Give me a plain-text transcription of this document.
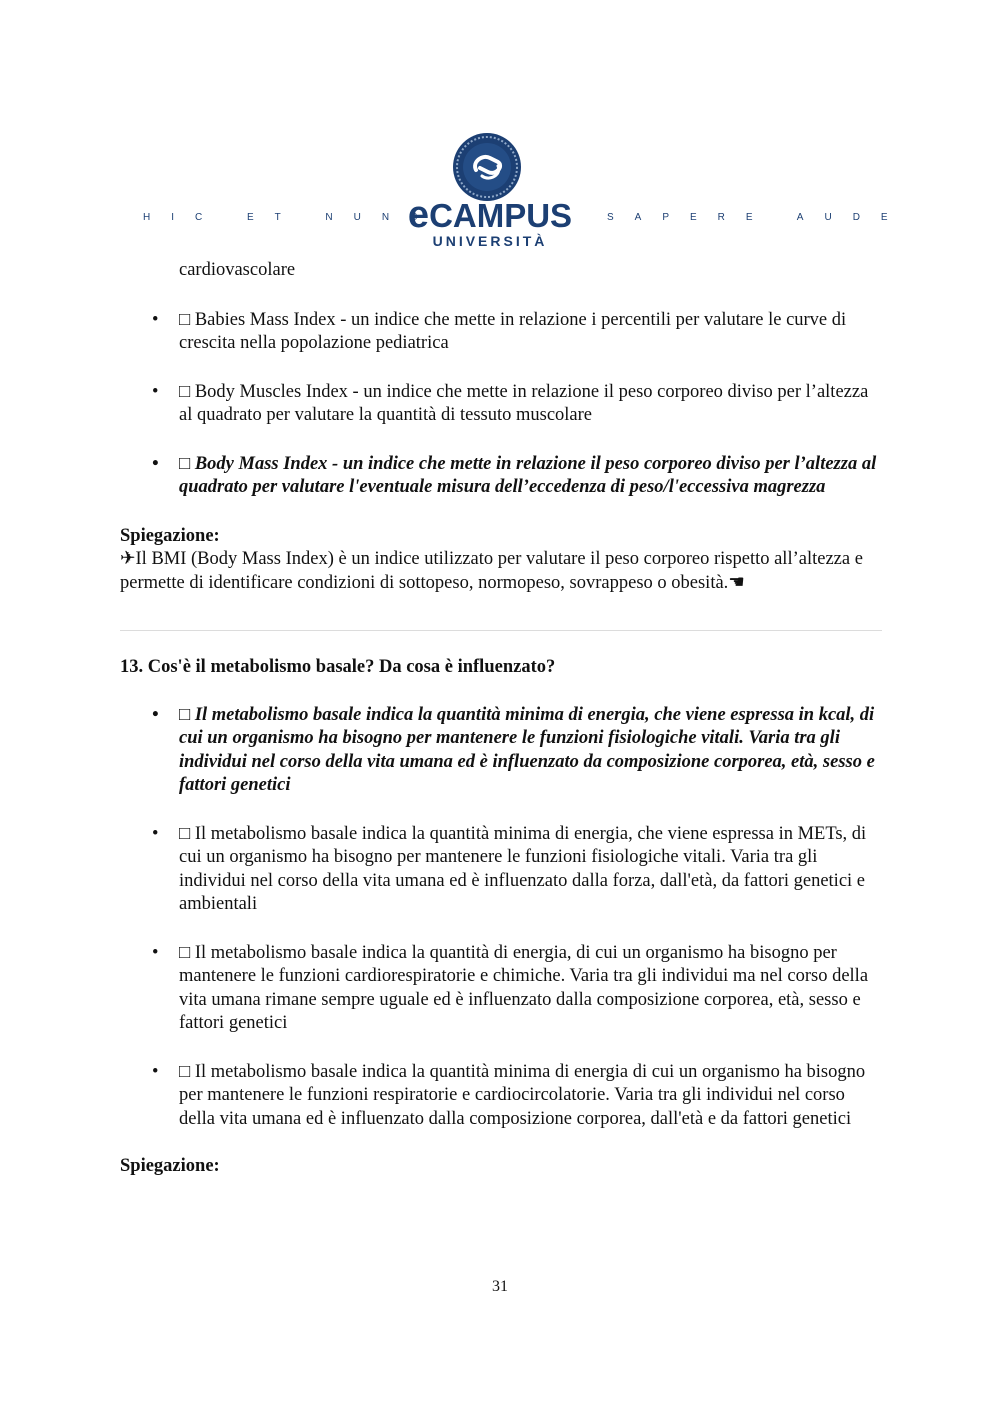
HIC ET NUNC
eCAMPUS
UNIVERSITÀ
SAPERE AUDE

cardiovascolare

• □ Babies Mass Index - un indice che mette in relazione i percentili per valutare le curve di crescita nella popolazione pediatrica
• □ Body Muscles Index - un indice che mette in relazione il peso corporeo diviso per l’altezza al quadrato per valutare la quantità di tessuto muscolare
• □ Body Mass Index - un indice che mette in relazione il peso corporeo diviso per l’altezza al quadrato per valutare l'eventuale misura dell’eccedenza di peso/l'eccessiva magrezza
Spiegazione:

✈Il BMI (Body Mass Index) è un indice utilizzato per valutare il peso corporeo rispetto all’altezza e permette di identificare condizioni di sottopeso, normopeso, sovrappeso o obesità.☚

13. Cos'è il metabolismo basale? Da cosa è influenzato?
• □ Il metabolismo basale indica la quantità minima di energia, che viene espressa in kcal, di cui un organismo ha bisogno per mantenere le funzioni fisiologiche vitali. Varia tra gli individui nel corso della vita umana ed è influenzato da composizione corporea, età, sesso e fattori genetici
• □ Il metabolismo basale indica la quantità minima di energia, che viene espressa in METs, di cui un organismo ha bisogno per mantenere le funzioni fisiologiche vitali. Varia tra gli individui nel corso della vita umana ed è influenzato dalla forza, dall'età, da fattori genetici e ambientali
• □ Il metabolismo basale indica la quantità di energia, di cui un organismo ha bisogno per mantenere le funzioni cardiorespiratorie e chimiche. Varia tra gli individui ma nel corso della vita umana rimane sempre uguale ed è influenzato dalla composizione corporea, età, sesso e fattori genetici
• □ Il metabolismo basale indica la quantità minima di energia di cui un organismo ha bisogno per mantenere le funzioni respiratorie e cardiocircolatorie. Varia tra gli individui nel corso della vita umana ed è influenzato dalla composizione corporea, dall'età e da fattori genetici
Spiegazione:
31
